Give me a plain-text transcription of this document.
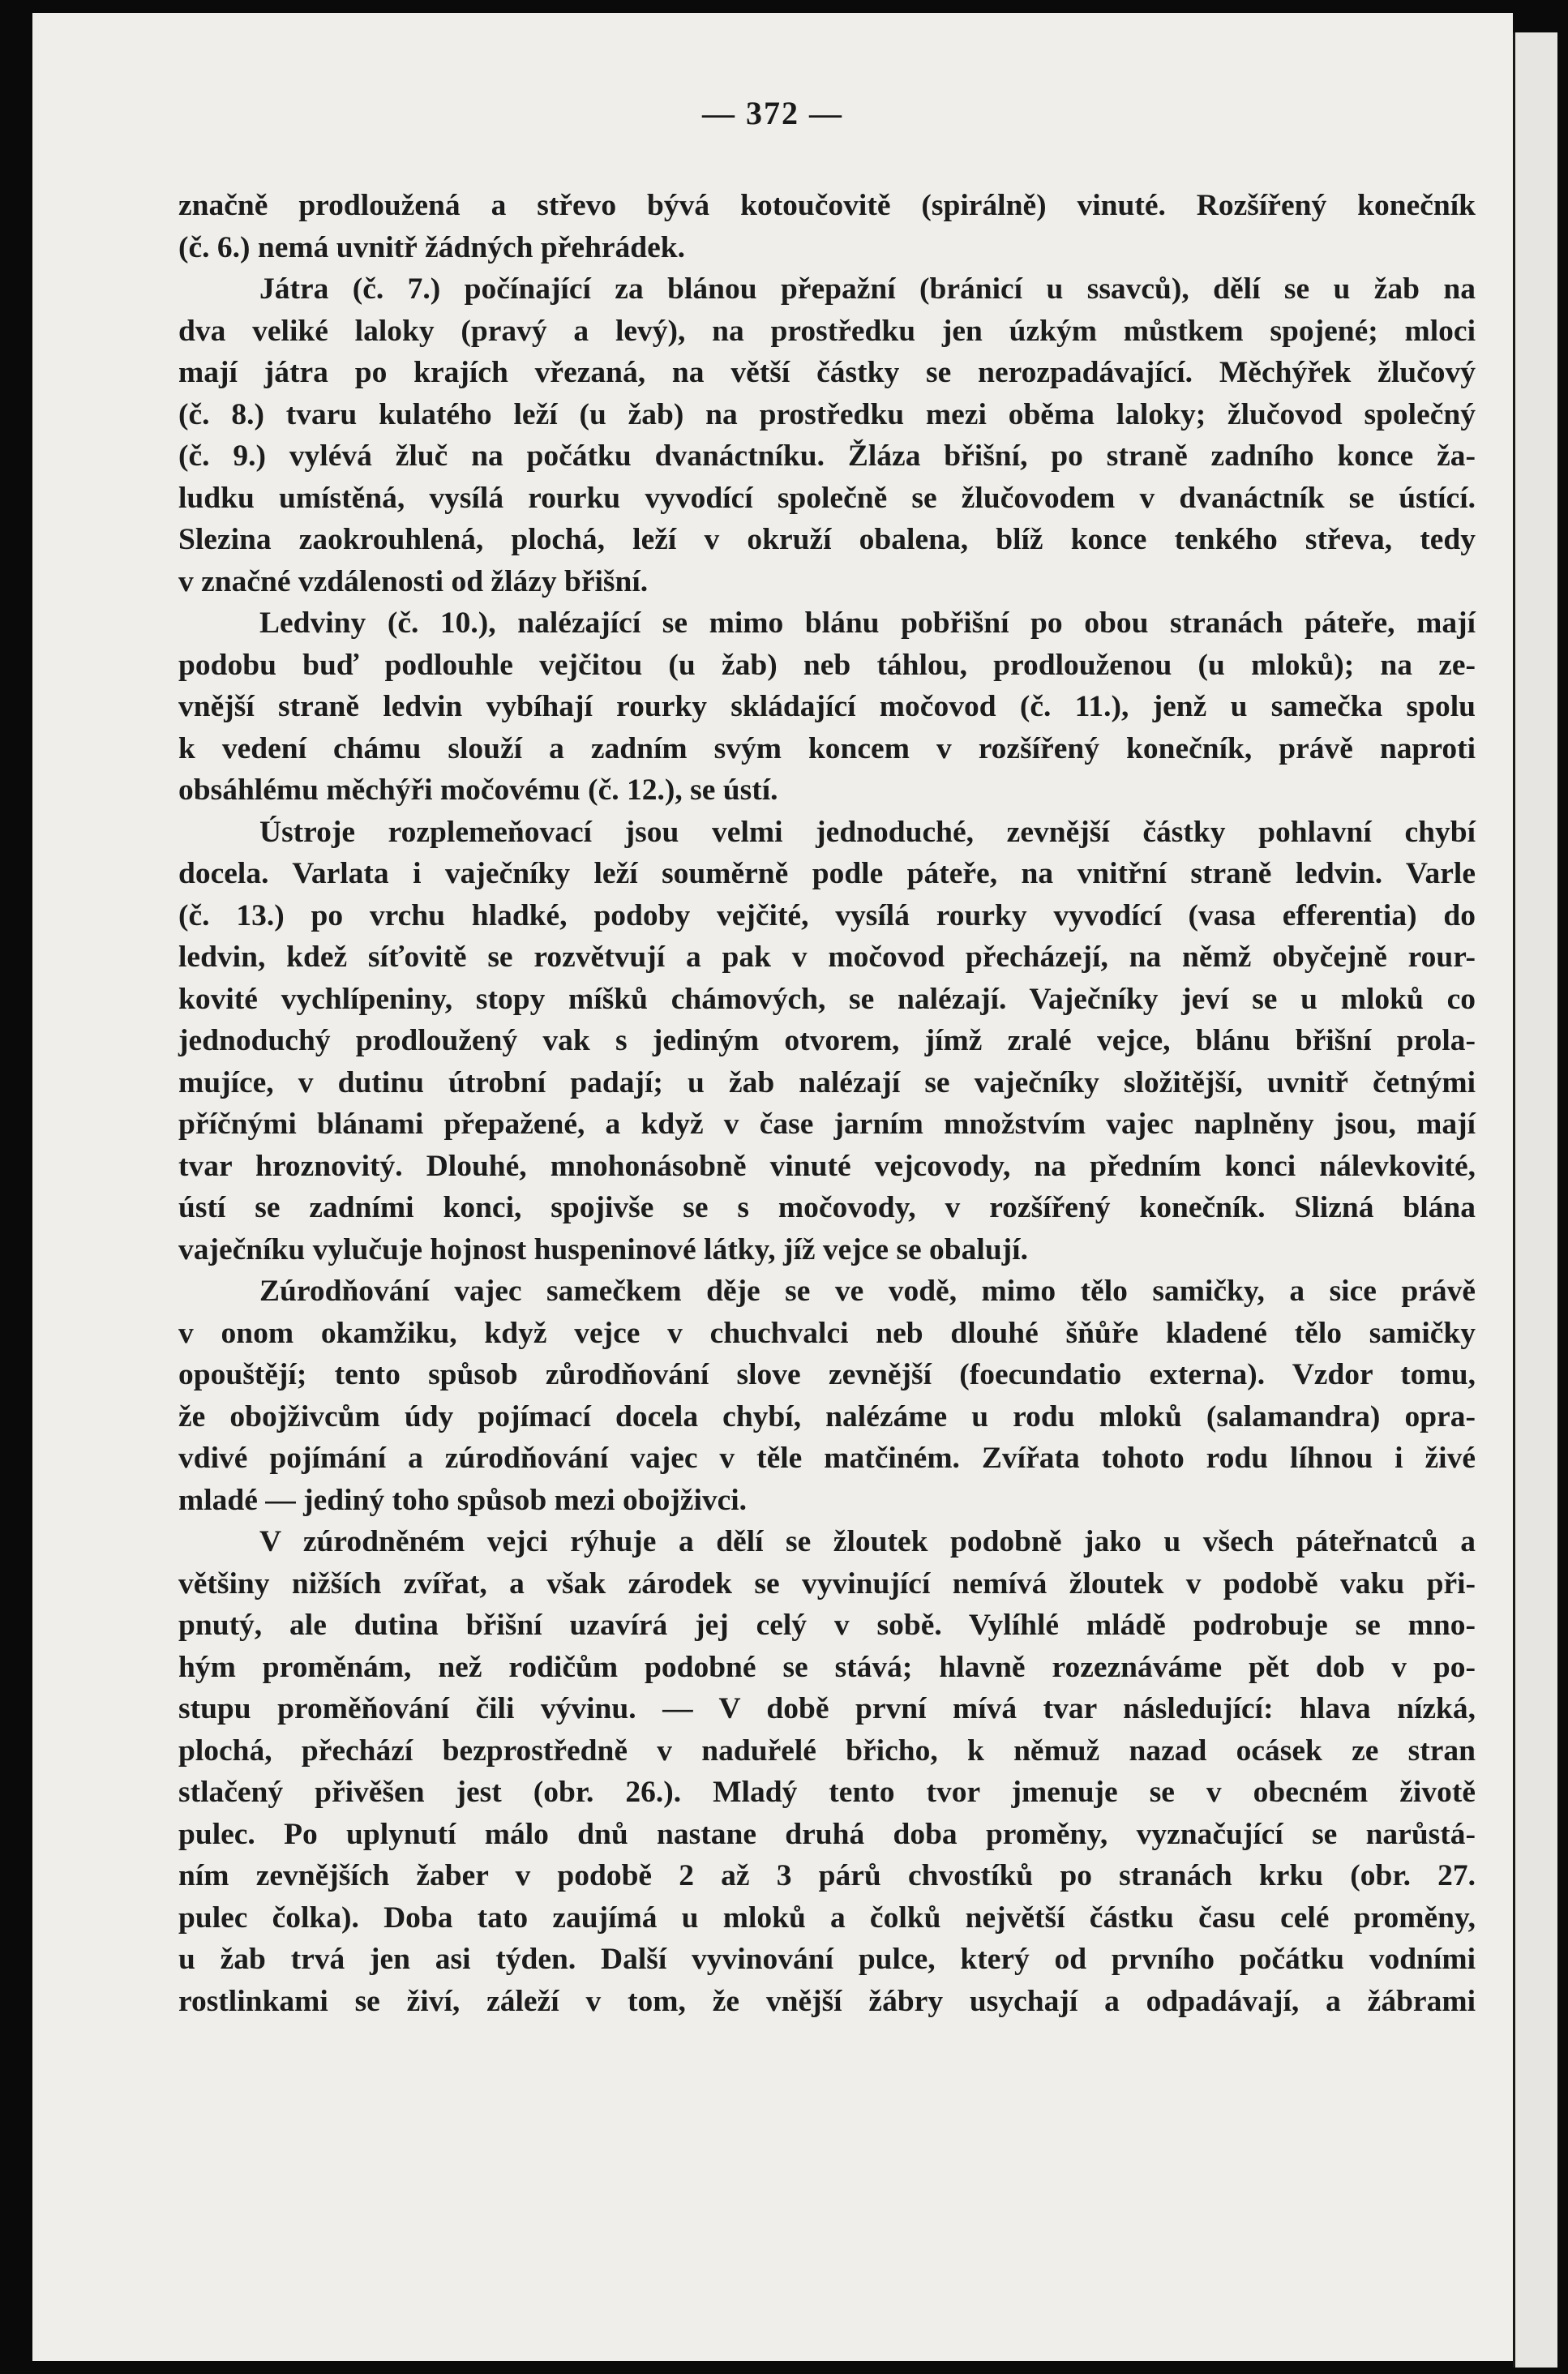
— 372 —
značně prodloužená a střevo bývá kotoučovitě (spirálně) vinuté. Rozšířený konečník
(č. 6.) nemá uvnitř žádných přehrádek.
Játra (č. 7.) počínající za blánou přepažní (bránicí u ssavců), dělí se u žab na
dva veliké laloky (pravý a levý), na prostředku jen úzkým můstkem spojené; mloci
mají játra po krajích vřezaná, na větší částky se nerozpadávající. Měchýřek žlučový
(č. 8.) tvaru kulatého leží (u žab) na prostředku mezi oběma laloky; žlučovod společný
(č. 9.) vylévá žluč na počátku dvanáctníku. Žláza břišní, po straně zadního konce ža-
ludku umístěná, vysílá rourku vyvodící společně se žlučovodem v dvanáctník se ústící.
Slezina zaokrouhlená, plochá, leží v okruží obalena, blíž konce tenkého střeva, tedy
v značné vzdálenosti od žlázy břišní.
Ledviny (č. 10.), nalézající se mimo blánu pobřišní po obou stranách páteře, mají
podobu buď podlouhle vejčitou (u žab) neb táhlou, prodlouženou (u mloků); na ze-
vnější straně ledvin vybíhají rourky skládající močovod (č. 11.), jenž u samečka spolu
k vedení chámu slouží a zadním svým koncem v rozšířený konečník, právě naproti
obsáhlému měchýři močovému (č. 12.), se ústí.
Ústroje rozplemeňovací jsou velmi jednoduché, zevnější částky pohlavní chybí
docela. Varlata i vaječníky leží souměrně podle páteře, na vnitřní straně ledvin. Varle
(č. 13.) po vrchu hladké, podoby vejčité, vysílá rourky vyvodící (vasa efferentia) do
ledvin, kdež síťovitě se rozvětvují a pak v močovod přecházejí, na němž obyčejně rour-
kovité vychlípeniny, stopy míšků chámových, se nalézají. Vaječníky jeví se u mloků co
jednoduchý prodloužený vak s jediným otvorem, jímž zralé vejce, blánu břišní prola-
mujíce, v dutinu útrobní padají; u žab nalézají se vaječníky složitější, uvnitř četnými
příčnými blánami přepažené, a když v čase jarním množstvím vajec naplněny jsou, mají
tvar hroznovitý. Dlouhé, mnohonásobně vinuté vejcovody, na předním konci nálevkovité,
ústí se zadními konci, spojivše se s močovody, v rozšířený konečník. Slizná blána
vaječníku vylučuje hojnost huspeninové látky, jíž vejce se obalují.
Zúrodňování vajec samečkem děje se ve vodě, mimo tělo samičky, a sice právě
v onom okamžiku, když vejce v chuchvalci neb dlouhé šňůře kladené tělo samičky
opouštějí; tento spůsob zůrodňování slove zevnější (foecundatio externa). Vzdor tomu,
že obojživcům údy pojímací docela chybí, nalézáme u rodu mloků (salamandra) opra-
vdivé pojímání a zúrodňování vajec v těle matčiném. Zvířata tohoto rodu líhnou i živé
mladé — jediný toho spůsob mezi obojživci.
V zúrodněném vejci rýhuje a dělí se žloutek podobně jako u všech páteřnatců a
většiny nižších zvířat, a však zárodek se vyvinující nemívá žloutek v podobě vaku při-
pnutý, ale dutina břišní uzavírá jej celý v sobě. Vylíhlé mládě podrobuje se mno-
hým proměnám, než rodičům podobné se stává; hlavně rozeznáváme pět dob v po-
stupu proměňování čili vývinu. — V době první mívá tvar následující: hlava nízká,
plochá, přechází bezprostředně v naduřelé břicho, k němuž nazad ocásek ze stran
stlačený přivěšen jest (obr. 26.). Mladý tento tvor jmenuje se v obecném životě
pulec. Po uplynutí málo dnů nastane druhá doba proměny, vyznačující se narůstá-
ním zevnějších žaber v podobě 2 až 3 párů chvostíků po stranách krku (obr. 27.
pulec čolka). Doba tato zaujímá u mloků a čolků největší částku času celé proměny,
u žab trvá jen asi týden. Další vyvinování pulce, který od prvního počátku vodními
rostlinkami se živí, záleží v tom, že vnější žábry usychají a odpadávají, a žábrami
